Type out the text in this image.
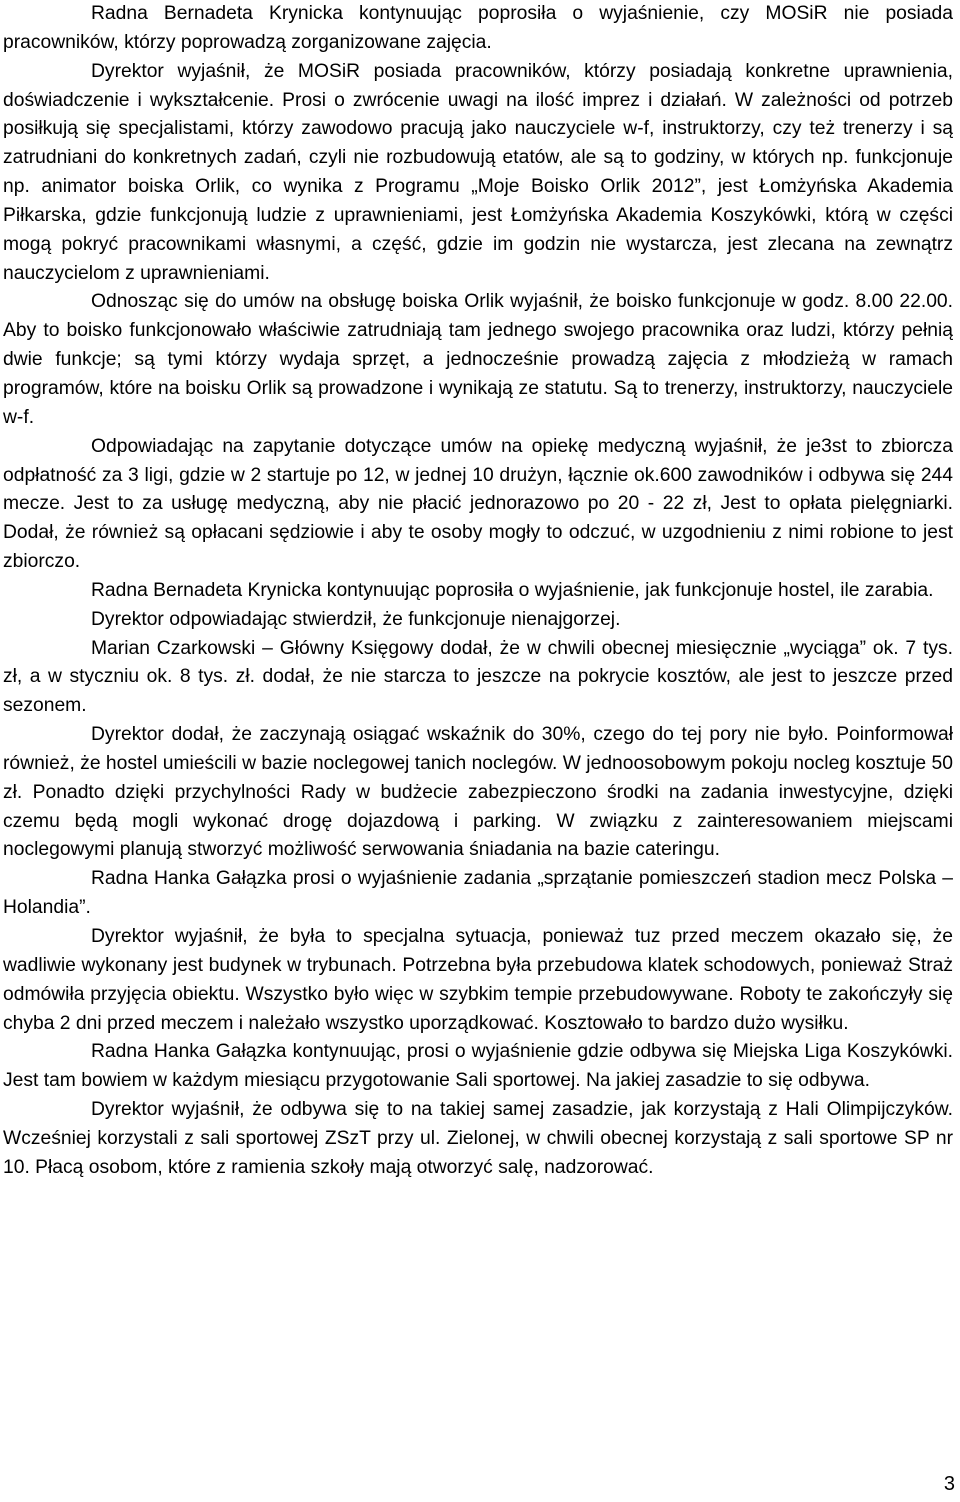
Radna Bernadeta Krynicka kontynuując poprosiła o wyjaśnienie, czy MOSiR nie posiada pracowników, którzy poprowadzą zorganizowane zajęcia.

Dyrektor wyjaśnił, że MOSiR posiada pracowników, którzy posiadają konkretne uprawnienia, doświadczenie i wykształcenie. Prosi o zwrócenie uwagi na ilość imprez i działań. W zależności od potrzeb posiłkują się specjalistami, którzy zawodowo pracują jako nauczyciele w-f, instruktorzy, czy też trenerzy i są zatrudniani do konkretnych zadań, czyli nie rozbudowują etatów, ale są to godziny, w których np. funkcjonuje np. animator boiska Orlik, co wynika z Programu „Moje Boisko Orlik 2012”, jest Łomżyńska Akademia Piłkarska, gdzie funkcjonują ludzie z uprawnieniami, jest Łomżyńska Akademia Koszykówki, którą w części mogą pokryć pracownikami własnymi, a część, gdzie im godzin nie wystarcza, jest zlecana na zewnątrz nauczycielom z uprawnieniami.

Odnosząc się do umów na obsługę boiska Orlik wyjaśnił, że boisko funkcjonuje w godz. 8.00 22.00. Aby to boisko funkcjonowało właściwie zatrudniają tam jednego swojego pracownika oraz ludzi, którzy pełnią dwie funkcje; są tymi którzy wydaja sprzęt, a jednocześnie prowadzą zajęcia z młodzieżą w ramach programów, które na boisku Orlik są prowadzone i wynikają ze statutu. Są to trenerzy, instruktorzy, nauczyciele w-f.

Odpowiadając na zapytanie dotyczące umów na opiekę medyczną wyjaśnił, że je3st to zbiorcza odpłatność za 3 ligi, gdzie w 2 startuje po 12, w jednej 10 drużyn, łącznie ok.600 zawodników i odbywa się 244 mecze. Jest to za usługę medyczną, aby nie płacić jednorazowo po 20 - 22 zł, Jest to opłata pielęgniarki. Dodał, że również są opłacani sędziowie i aby te osoby mogły to odczuć, w uzgodnieniu z nimi robione to jest zbiorczo.

Radna Bernadeta Krynicka kontynuując poprosiła o wyjaśnienie, jak funkcjonuje hostel, ile zarabia.

Dyrektor odpowiadając stwierdził, że funkcjonuje nienajgorzej.

Marian Czarkowski – Główny Księgowy dodał, że w chwili obecnej miesięcznie „wyciąga” ok. 7 tys. zł, a w styczniu ok. 8 tys. zł. dodał, że nie starcza to jeszcze na pokrycie kosztów, ale jest to jeszcze przed sezonem.

Dyrektor dodał, że zaczynają osiągać wskaźnik do 30%, czego do tej pory nie było. Poinformował również, że hostel umieścili w bazie noclegowej tanich noclegów. W jednoosobowym pokoju nocleg kosztuje 50 zł. Ponadto dzięki przychylności Rady w budżecie zabezpieczono środki na zadania inwestycyjne, dzięki czemu będą mogli wykonać drogę dojazdową i parking. W związku z zainteresowaniem miejscami noclegowymi planują stworzyć możliwość serwowania śniadania na bazie cateringu.

Radna Hanka Gałązka prosi o wyjaśnienie zadania „sprzątanie pomieszczeń stadion mecz Polska – Holandia”.

Dyrektor wyjaśnił, że była to specjalna sytuacja, ponieważ tuz przed meczem okazało się, że wadliwie wykonany jest budynek w trybunach. Potrzebna była przebudowa klatek schodowych, ponieważ Straż odmówiła przyjęcia obiektu. Wszystko było więc w szybkim tempie przebudowywane. Roboty te zakończyły się chyba 2 dni przed meczem i należało wszystko uporządkować. Kosztowało to bardzo dużo wysiłku.

Radna Hanka Gałązka kontynuując, prosi o wyjaśnienie gdzie odbywa się Miejska Liga Koszykówki. Jest tam bowiem w każdym miesiącu przygotowanie Sali sportowej. Na jakiej zasadzie to się odbywa.

Dyrektor wyjaśnił, że odbywa się to na takiej samej zasadzie, jak korzystają z Hali Olimpijczyków. Wcześniej korzystali z sali sportowej ZSzT przy ul. Zielonej, w chwili obecnej korzystają z sali sportowe SP nr 10. Płacą osobom, które z ramienia szkoły mają otworzyć salę, nadzorować.

3
